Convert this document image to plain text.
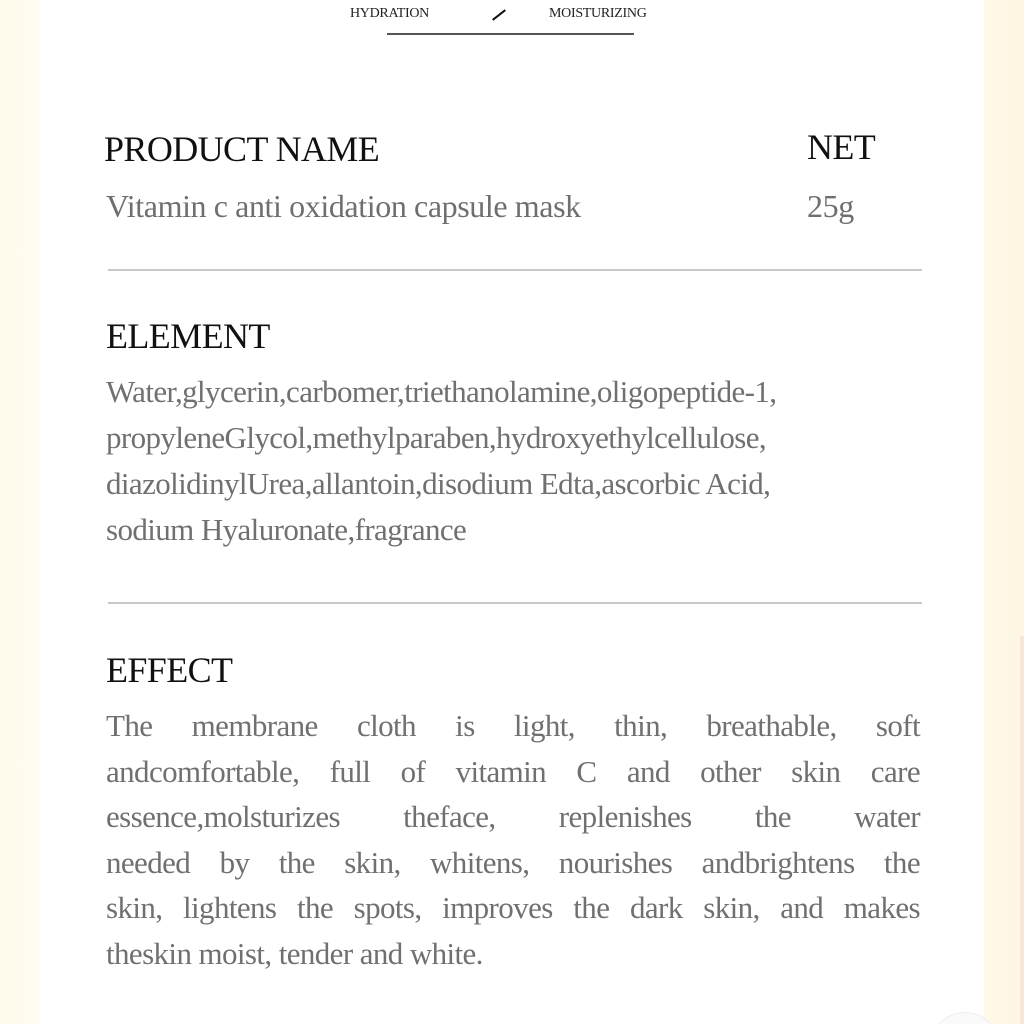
HYDRATION	MOISTURIZING
PRODUCT NAME
Vitamin c anti oxidation capsule mask
NET
25g
ELEMENT
Water,glycerin,carbomer,triethanolamine,oligopeptide-1,
propyleneGlycol,methylparaben,hydroxyethylcellulose,
diazolidinylUrea,allantoin,disodium Edta,ascorbic Acid,
sodium Hyaluronate,fragrance
EFFECT
The membrane cloth is light, thin, breathable, soft
andcomfortable, full of vitamin C and other skin care
essence,molsturizes theface, replenishes the water
needed by the skin, whitens, nourishes andbrightens the
skin, lightens the spots, improves the dark skin, and makes
theskin moist, tender and white.
